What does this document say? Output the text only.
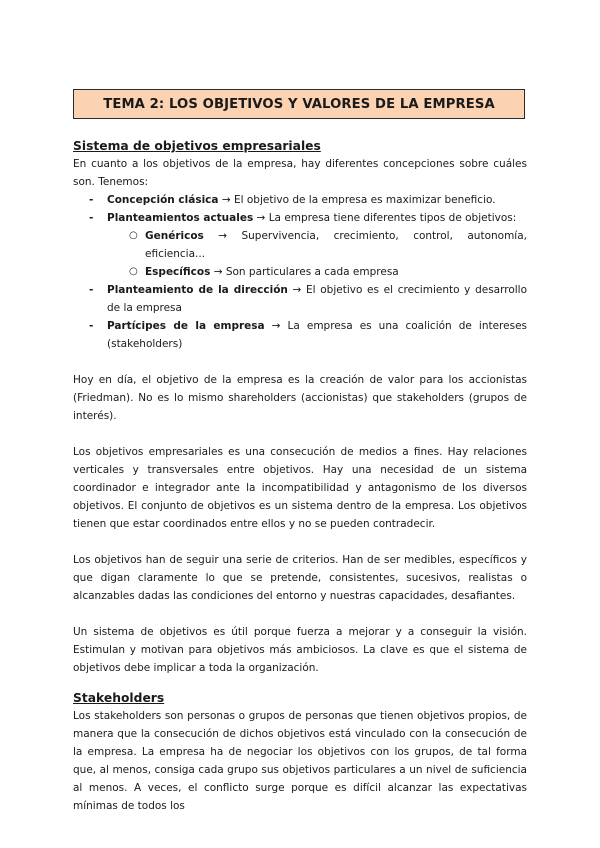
TEMA 2: LOS OBJETIVOS Y VALORES DE LA EMPRESA
Sistema de objetivos empresariales

En cuanto a los objetivos de la empresa, hay diferentes concepciones sobre cuáles son. Tenemos:

- Concepción clásica → El objetivo de la empresa es maximizar beneficio.
- Planteamientos actuales → La empresa tiene diferentes tipos de objetivos:
○ Genéricos → Supervivencia, crecimiento, control, autonomía, eficiencia...
○ Específicos → Son particulares a cada empresa
- Planteamiento de la dirección → El objetivo es el crecimiento y desarrollo de la empresa
- Partícipes de la empresa → La empresa es una coalición de intereses (stakeholders)

Hoy en día, el objetivo de la empresa es la creación de valor para los accionistas (Friedman). No es lo mismo shareholders (accionistas) que stakeholders (grupos de interés).

Los objetivos empresariales es una consecución de medios a fines. Hay relaciones verticales y transversales entre objetivos. Hay una necesidad de un sistema coordinador e integrador ante la incompatibilidad y antagonismo de los diversos objetivos. El conjunto de objetivos es un sistema dentro de la empresa. Los objetivos tienen que estar coordinados entre ellos y no se pueden contradecir.

Los objetivos han de seguir una serie de criterios. Han de ser medibles, específicos y que digan claramente lo que se pretende, consistentes, sucesivos, realistas o alcanzables dadas las condiciones del entorno y nuestras capacidades, desafiantes.

Un sistema de objetivos es útil porque fuerza a mejorar y a conseguir la visión. Estimulan y motivan para objetivos más ambiciosos. La clave es que el sistema de objetivos debe implicar a toda la organización.

Stakeholders

Los stakeholders son personas o grupos de personas que tienen objetivos propios, de manera que la consecución de dichos objetivos está vinculado con la consecución de la empresa. La empresa ha de negociar los objetivos con los grupos, de tal forma que, al menos, consiga cada grupo sus objetivos particulares a un nivel de suficiencia al menos. A veces, el conflicto surge porque es difícil alcanzar las expectativas mínimas de todos los
